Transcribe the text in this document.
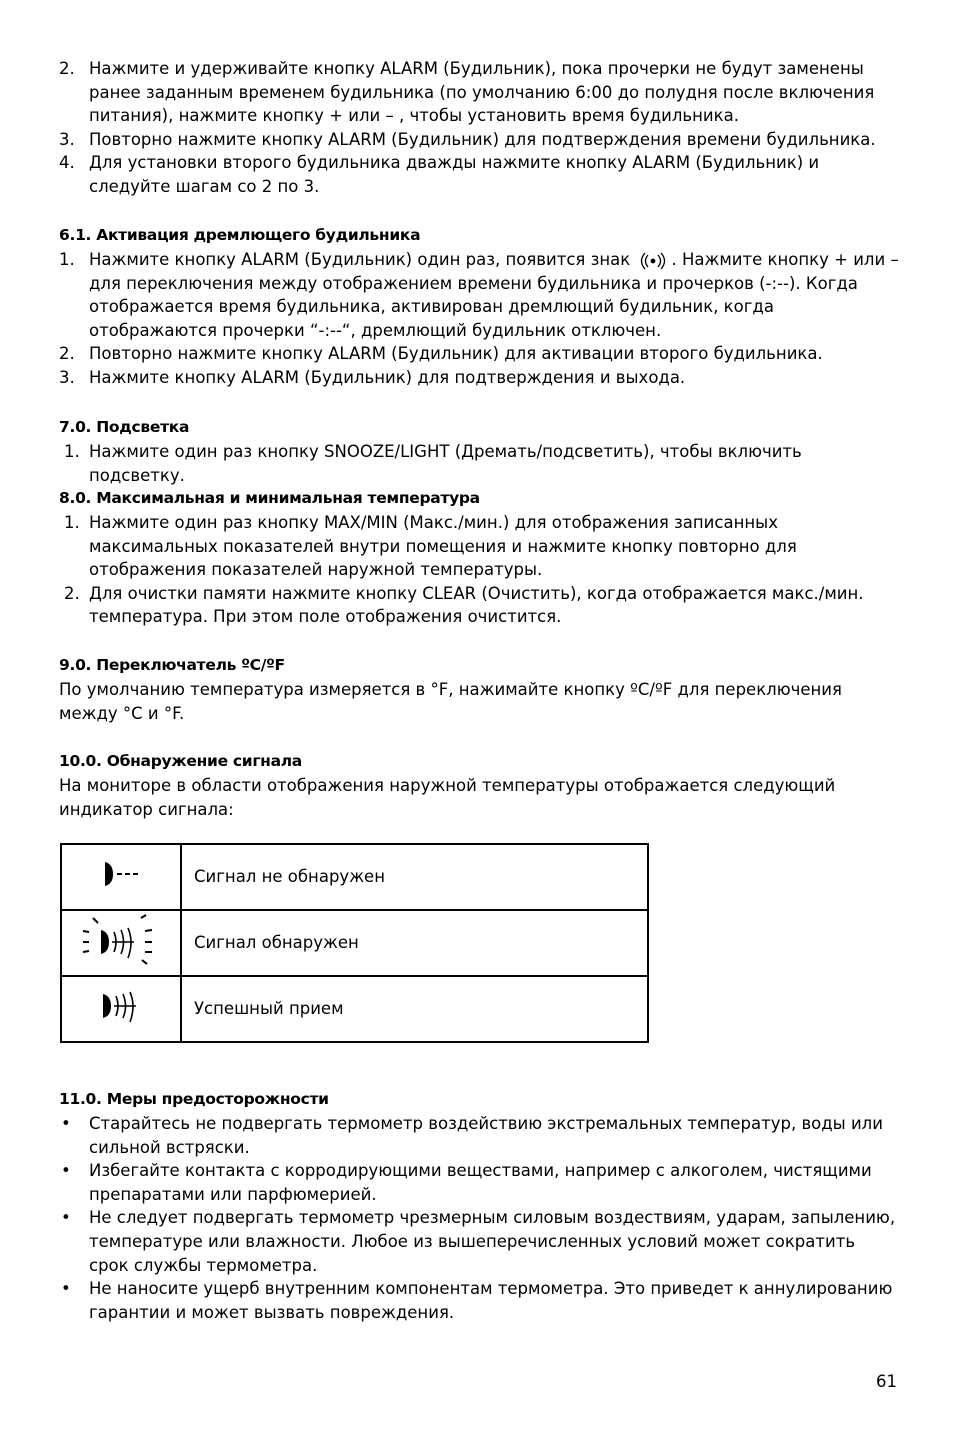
2. Нажмите и удерживайте кнопку ALARM (Будильник), пока прочерки не будут заменены ранее заданным временем будильника (по умолчанию 6:00 до полудня после включения питания), нажмите кнопку + или – , чтобы установить время будильника.
3. Повторно нажмите кнопку ALARM (Будильник) для подтверждения времени будильника.
4. Для установки второго будильника дважды нажмите кнопку ALARM (Будильник) и следуйте шагам со 2 по 3.
6.1. Активация дремлющего будильника
1. Нажмите кнопку ALARM (Будильник) один раз, появится знак	. Нажмите кнопку + или – для переключения между отображением времени будильника и прочерков (-:--). Когда отображается время будильника, активирован дремлющий будильник, когда отображаются прочерки “-:--“, дремлющий будильник отключен.
2. Повторно нажмите кнопку ALARM (Будильник) для активации второго будильника.
3. Нажмите кнопку ALARM (Будильник) для подтверждения и выхода.
7.0. Подсветка
1. Нажмите один раз кнопку SNOOZE/LIGHT (Дремать/подсветить), чтобы включить подсветку.
8.0. Максимальная и минимальная температура
1. Нажмите один раз кнопку MAX/MIN (Макс./мин.) для отображения записанных максимальных показателей внутри помещения и нажмите кнопку повторно для отображения показателей наружной температуры.
2. Для очистки памяти нажмите кнопку CLEAR (Очистить), когда отображается макс./мин. температура. При этом поле отображения очистится.
9.0. Переключатель ºC/ºF
По умолчанию температура измеряется в °F, нажимайте кнопку ºC/ºF для переключения между °C и °F.
10.0. Обнаружение сигнала
На мониторе в области отображения наружной температуры отображается следующий индикатор сигнала:
	Сигнал не обнаружен
	Сигнал обнаружен
	Успешный прием
11.0. Меры предосторожности
• Старайтесь не подвергать термометр воздействию экстремальных температур, воды или сильной встряски.
• Избегайте контакта с корродирующими веществами, например с алкоголем, чистящими препаратами или парфюмерией.
• Не следует подвергать термометр чрезмерным силовым воздествиям, ударам, запылению, температуре или влажности. Любое из вышеперечисленных условий может сократить срок службы термометра.
• Не наносите ущерб внутренним компонентам термометра. Это приведет к аннулированию гарантии и может вызвать повреждения.
61
